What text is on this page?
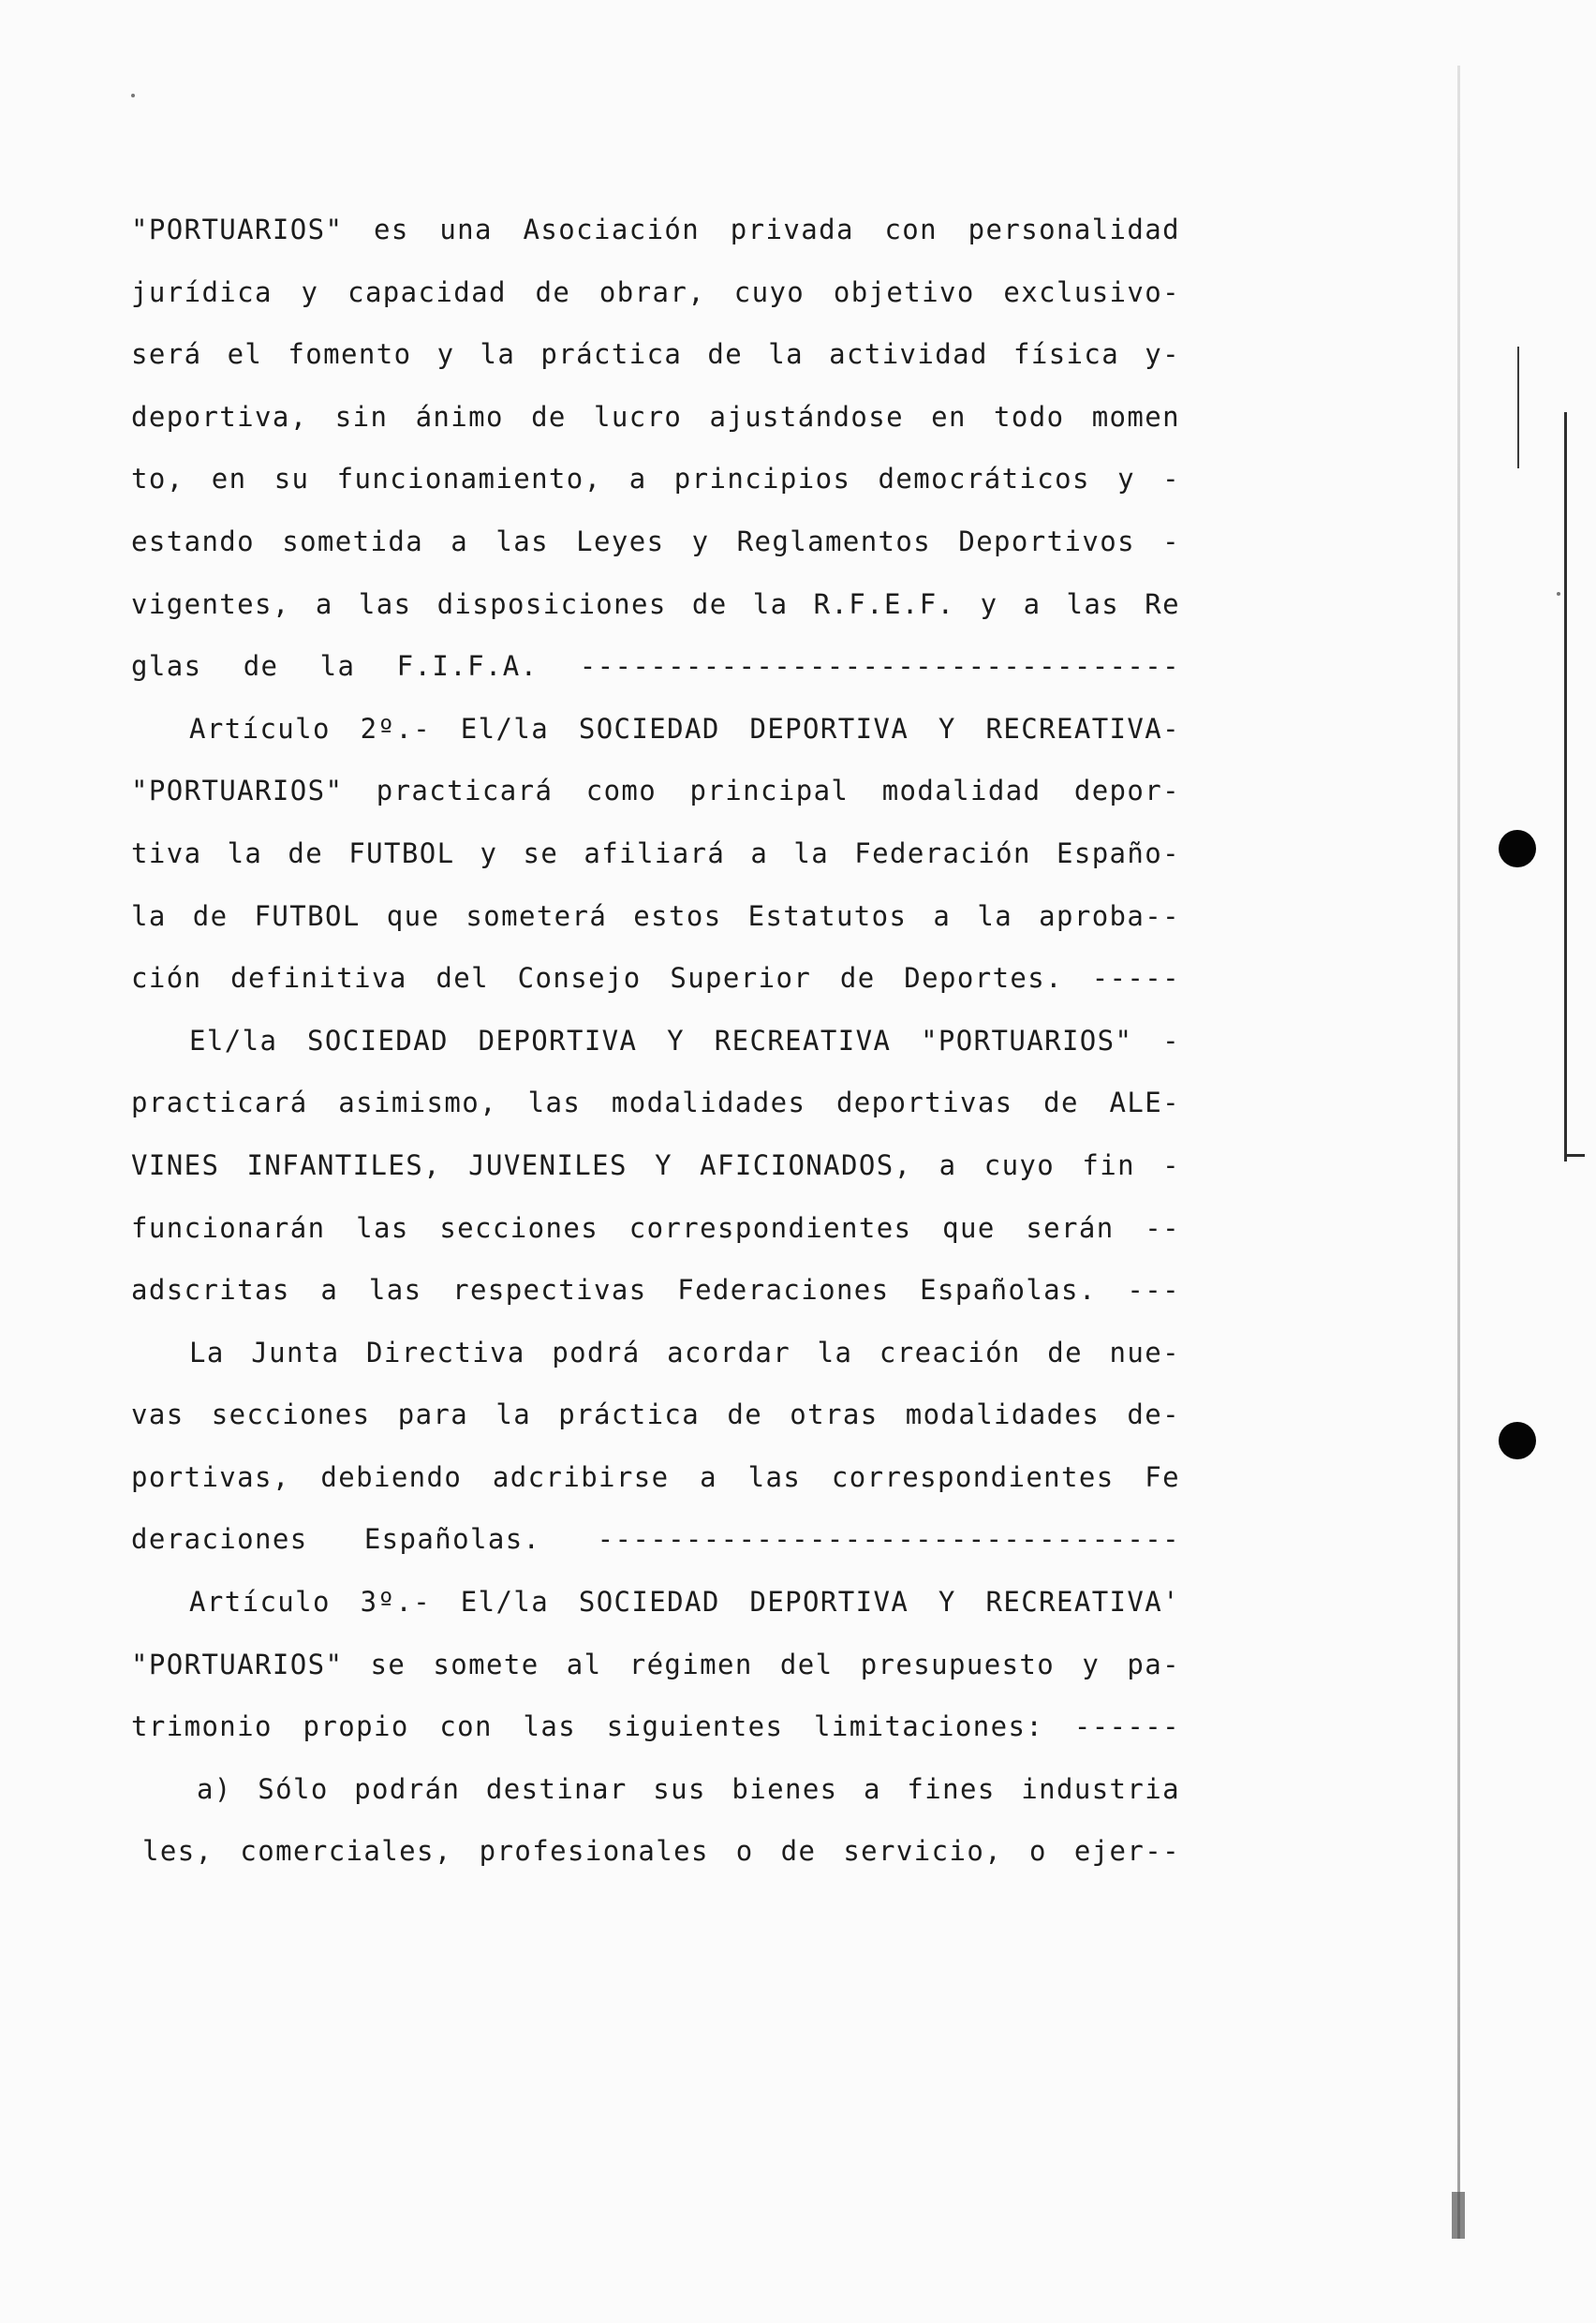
"PORTUARIOS" es una Asociación privada con personalidad
jurídica y capacidad de obrar, cuyo objetivo exclusivo-
será el fomento y la práctica de la actividad física y-
deportiva, sin ánimo de lucro ajustándose en todo momen
to, en su funcionamiento, a principios democráticos y -
estando sometida a las Leyes y Reglamentos Deportivos -
vigentes, a las disposiciones de la R.F.E.F. y a las Re
glas de la F.I.F.A. ----------------------------------
Artículo 2º.- El/la SOCIEDAD DEPORTIVA Y RECREATIVA-
"PORTUARIOS" practicará como principal modalidad depor-
tiva la de FUTBOL y se afiliará a la Federación Españo-
la de FUTBOL que someterá estos Estatutos a la aproba--
ción definitiva del Consejo Superior de Deportes. -----
El/la SOCIEDAD DEPORTIVA Y RECREATIVA "PORTUARIOS" -
practicará asimismo, las modalidades deportivas de ALE-
VINES INFANTILES, JUVENILES Y AFICIONADOS, a cuyo fin -
funcionarán las secciones correspondientes que serán --
adscritas a las respectivas Federaciones Españolas. ---
La Junta Directiva podrá acordar la creación de nue-
vas secciones para la práctica de otras modalidades de-
portivas, debiendo adcribirse a las correspondientes Fe
deraciones Españolas. ---------------------------------
Artículo 3º.- El/la SOCIEDAD DEPORTIVA Y RECREATIVA'
"PORTUARIOS" se somete al régimen del presupuesto y pa-
trimonio propio con las siguientes limitaciones: ------
a) Sólo podrán destinar sus bienes a fines industria
les, comerciales, profesionales o de servicio, o ejer--
